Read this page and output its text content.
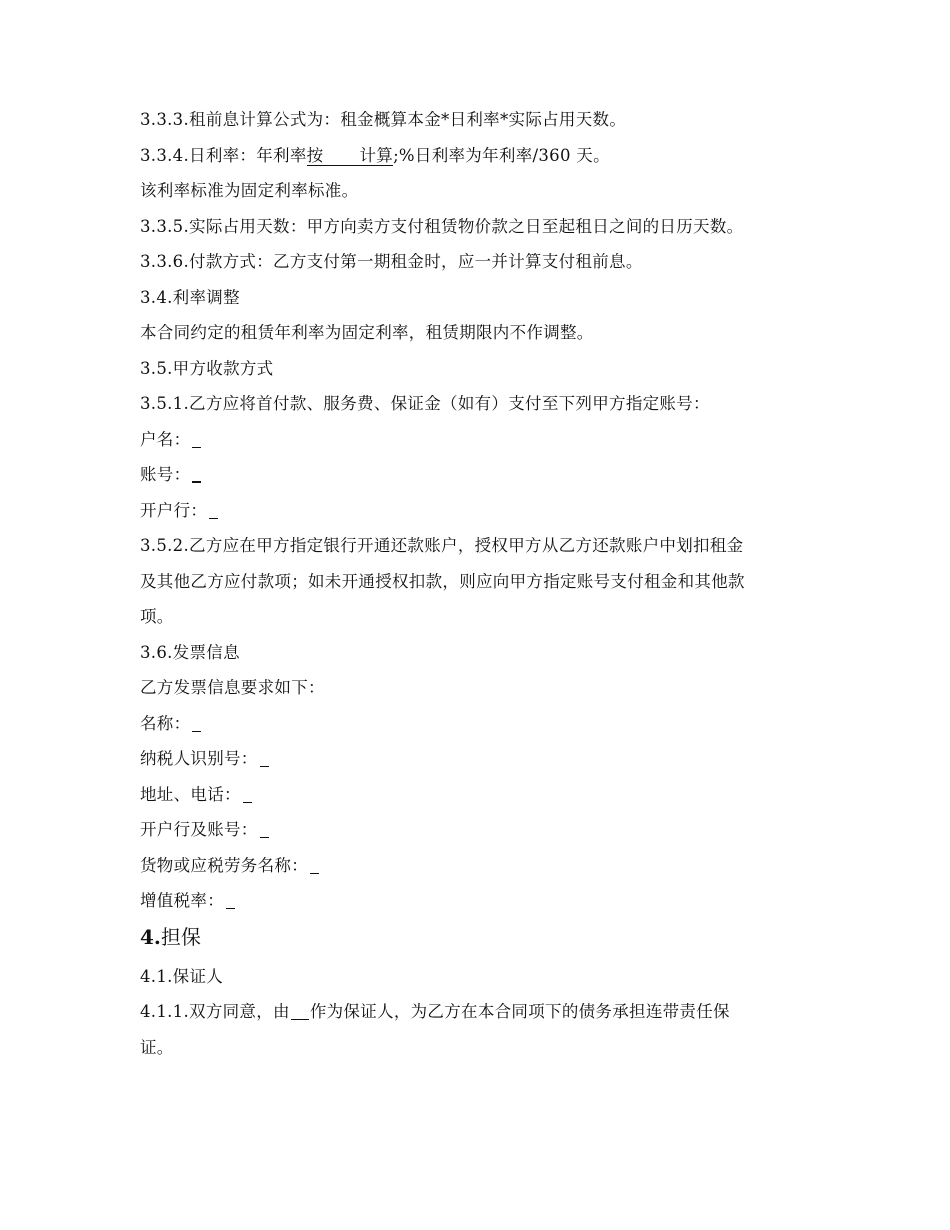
3.3.3.租前息计算公式为：租金概算本金*日利率*实际占用天数。
3.3.4.日利率：年利率按 计算;%日利率为年利率/360 天。
该利率标准为固定利率标准。
3.3.5.实际占用天数：甲方向卖方支付租赁物价款之日至起租日之间的日历天数。
3.3.6.付款方式：乙方支付第一期租金时，应一并计算支付租前息。
3.4.利率调整
本合同约定的租赁年利率为固定利率，租赁期限内不作调整。
3.5.甲方收款方式
3.5.1.乙方应将首付款、服务费、保证金（如有）支付至下列甲方指定账号：
户名：
账号：
开户行：
3.5.2.乙方应在甲方指定银行开通还款账户，授权甲方从乙方还款账户中划扣租金
及其他乙方应付款项；如未开通授权扣款，则应向甲方指定账号支付租金和其他款
项。
3.6.发票信息
乙方发票信息要求如下：
名称：
纳税人识别号：
地址、电话：
开户行及账号：
货物或应税劳务名称：
增值税率：
4.担保
4.1.保证人
4.1.1.双方同意，由 作为保证人，为乙方在本合同项下的债务承担连带责任保
证。
